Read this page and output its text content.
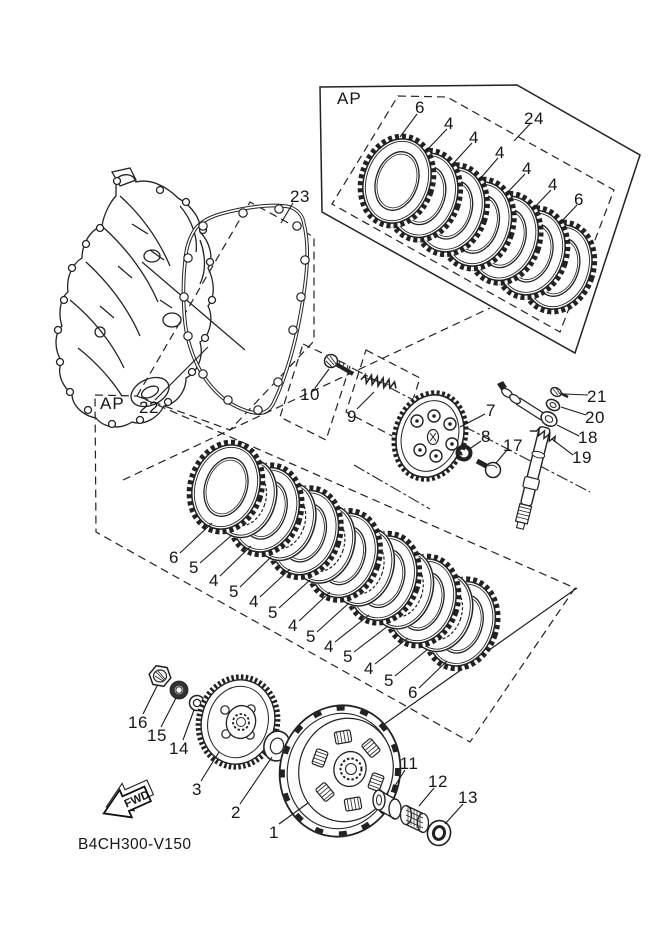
AP	6
4
4
4
4
4
6
24
23
22
AP	10
9	7
8 17
21
20
18
19
6
5
4
5
4
5
4
5
4
5
4
5
6
16
15
14
3
2
1
11
12
13
FWD
B4CH300-V150
